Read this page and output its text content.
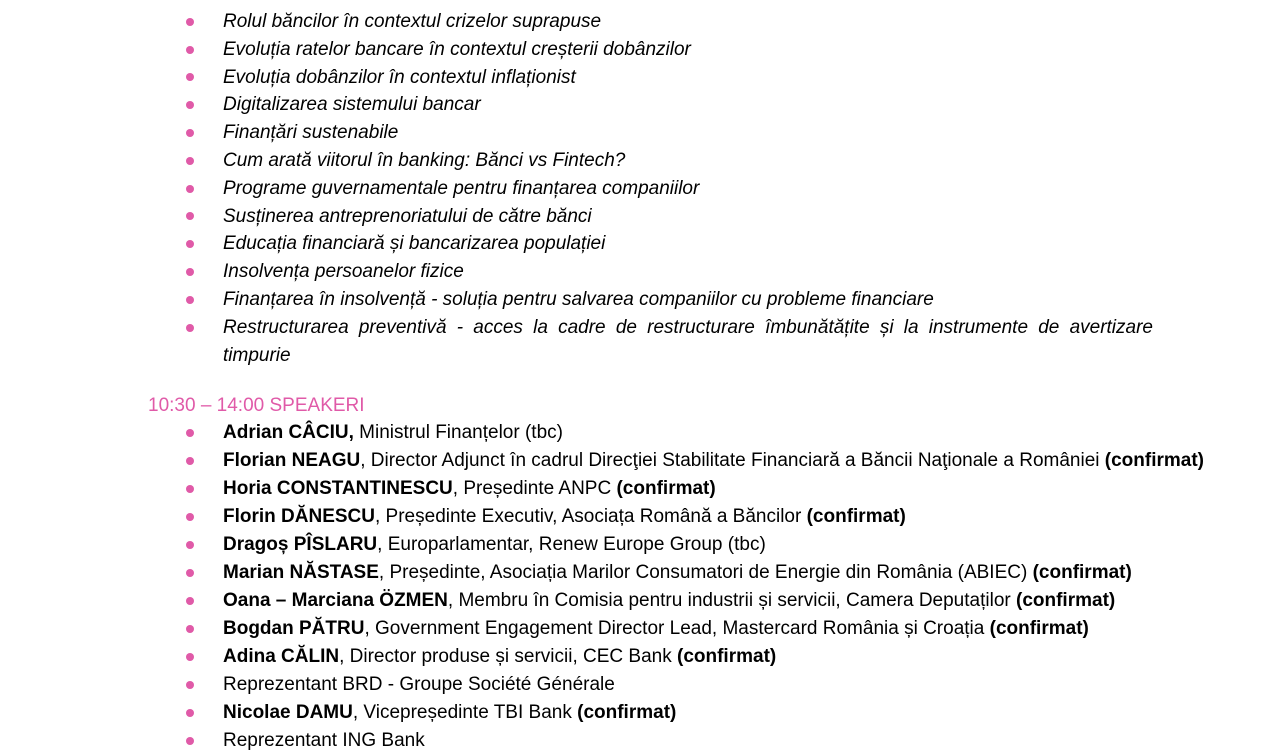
Rolul băncilor în contextul crizelor suprapuse
Evoluția ratelor bancare în contextul creșterii dobânzilor
Evoluția dobânzilor în contextul inflaționist
Digitalizarea sistemului bancar
Finanțări sustenabile
Cum arată viitorul în banking: Bănci vs Fintech?
Programe guvernamentale pentru finanțarea companiilor
Susținerea antreprenoriatului de către bănci
Educația financiară și bancarizarea populației
Insolvența persoanelor fizice
Finanțarea în insolvență - soluția pentru salvarea companiilor cu probleme financiare
Restructurarea preventivă - acces la cadre de restructurare îmbunătățite și la instrumente de avertizare timpurie
10:30 – 14:00 SPEAKERI
Adrian CÂCIU, Ministrul Finanțelor (tbc)
Florian NEAGU, Director Adjunct în cadrul Direcţiei Stabilitate Financiară a Băncii Naţionale a României (confirmat)
Horia CONSTANTINESCU, Președinte ANPC (confirmat)
Florin DĂNESCU, Președinte Executiv, Asociața Română a Băncilor (confirmat)
Dragoș PÎSLARU, Europarlamentar, Renew Europe Group (tbc)
Marian NĂSTASE, Președinte, Asociația Marilor Consumatori de Energie din România (ABIEC) (confirmat)
Oana – Marciana ÖZMEN, Membru în Comisia pentru industrii și servicii, Camera Deputaților (confirmat)
Bogdan PĂTRU, Government Engagement Director Lead, Mastercard România și Croația (confirmat)
Adina CĂLIN, Director produse și servicii, CEC Bank (confirmat)
Reprezentant BRD - Groupe Société Générale
Nicolae DAMU, Vicepreședinte TBI Bank (confirmat)
Reprezentant ING Bank
